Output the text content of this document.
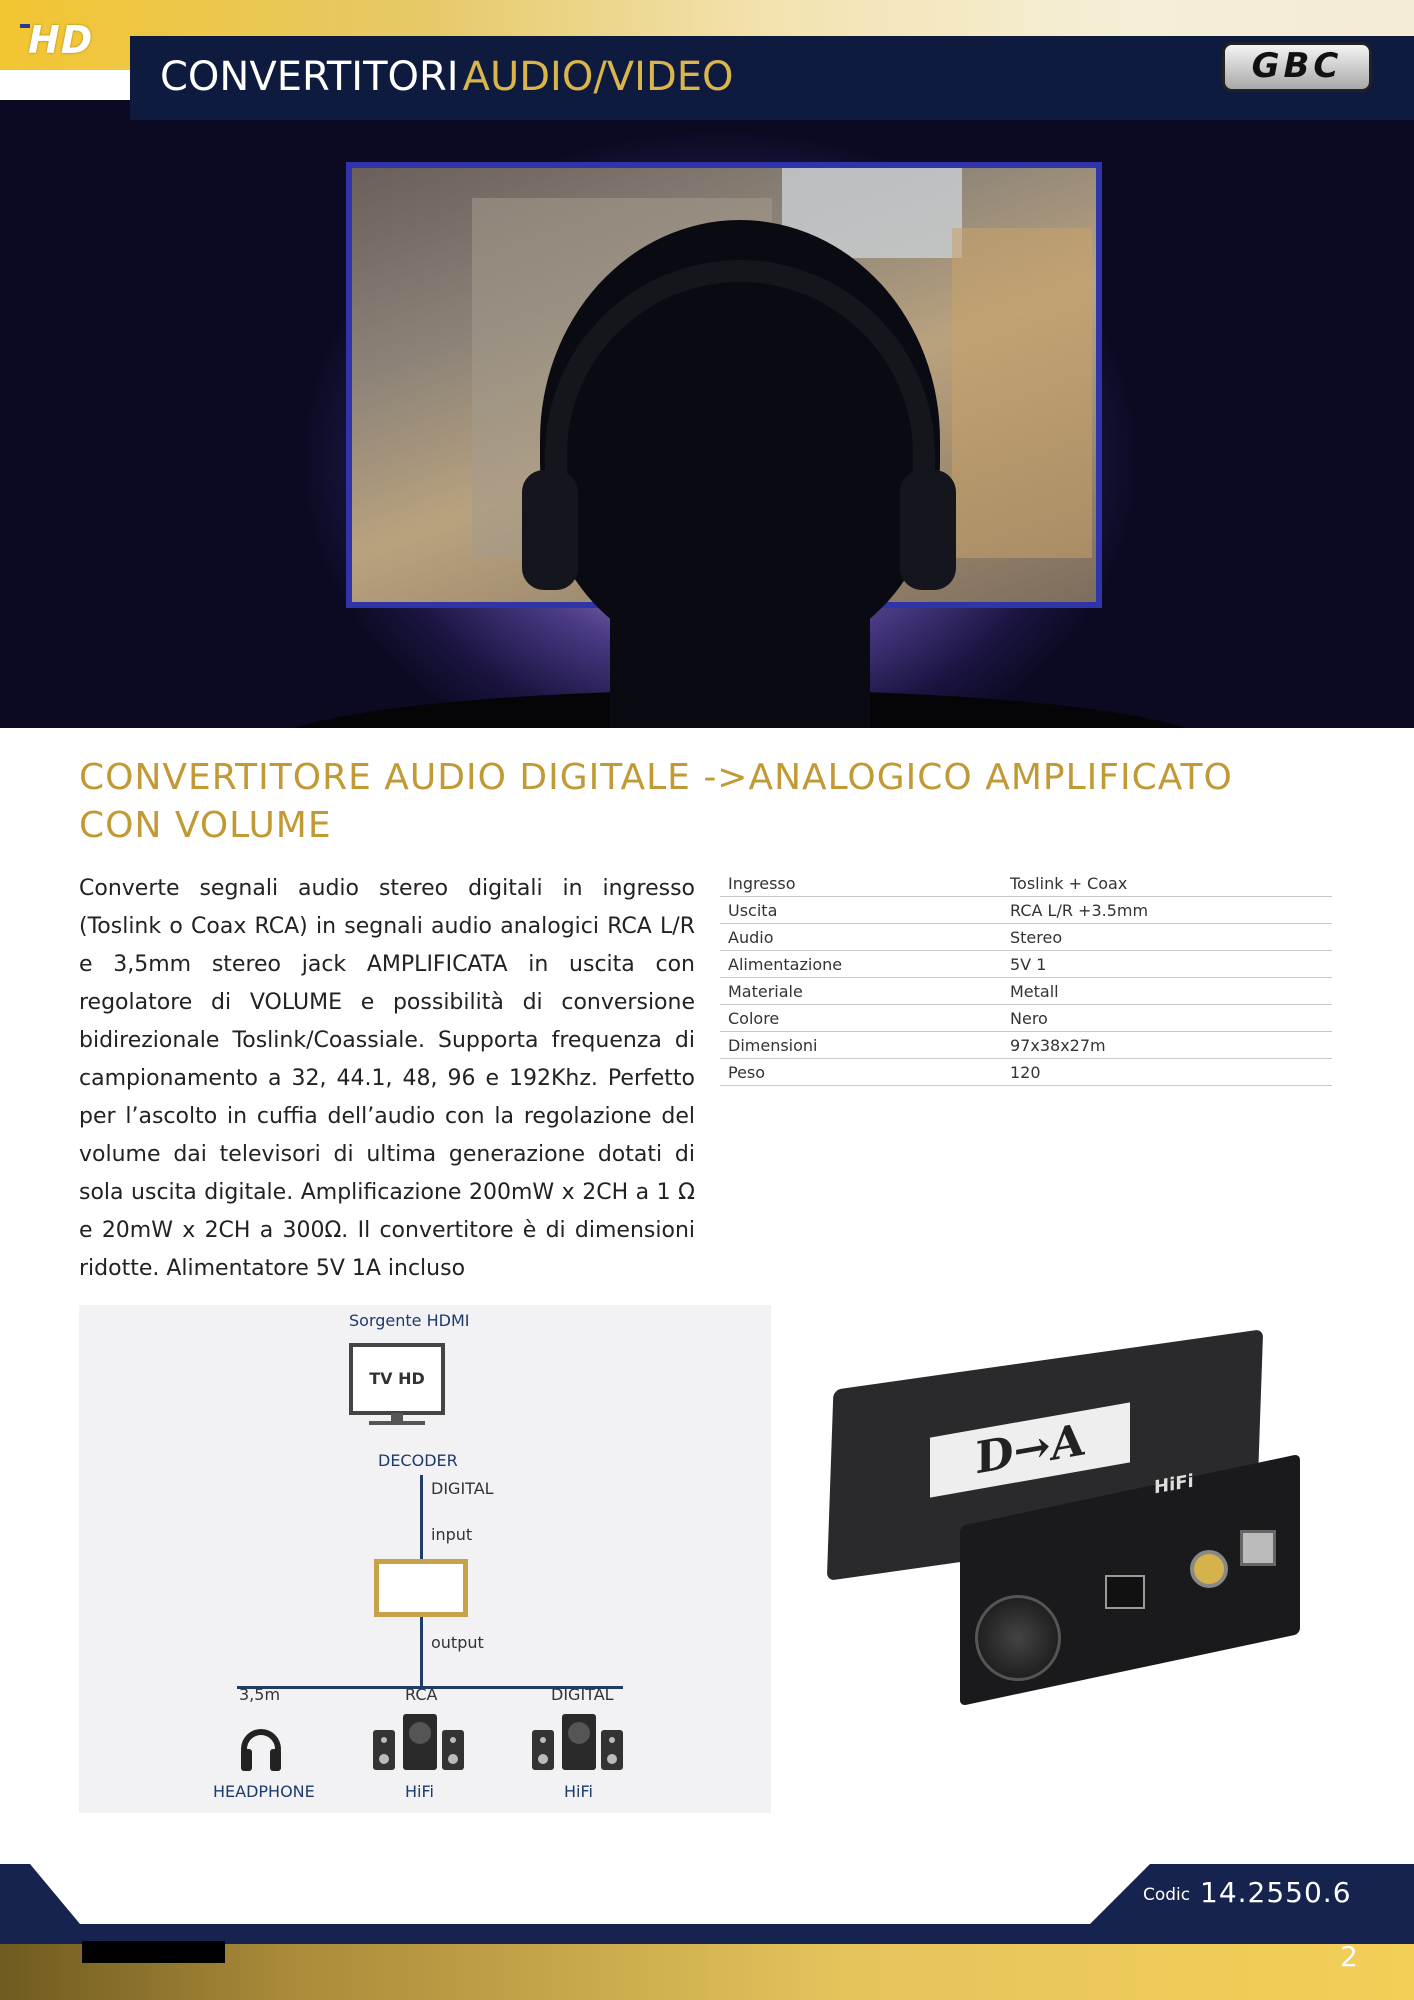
HD
CONVERTITORI AUDIO/VIDEO	GBC
CONVERTITORE AUDIO DIGITALE ->ANALOGICO AMPLIFICATO CON VOLUME
Converte segnali audio stereo digitali in ingresso (Toslink o Coax RCA) in segnali audio analogici RCA L/R e 3,5mm stereo jack AMPLIFICATA in uscita con regolatore di VOLUME e possibilità di conversione bidirezionale Toslink/Coassiale. Supporta frequenza di campionamento a 32, 44.1, 48, 96 e 192Khz. Perfetto per l’ascolto in cuffia dell’audio con la regolazione del volume dai televisori di ultima generazione dotati di sola uscita digitale. Amplificazione 200mW x 2CH a 1 Ω e 20mW x 2CH a 300Ω. Il convertitore è di dimensioni ridotte. Alimentatore 5V 1A incluso
Ingresso	Toslink + Coax
Uscita	RCA L/R +3.5mm
Audio	Stereo
Alimentazione	5V 1
Materiale	Metall
Colore	Nero
Dimensioni	97x38x27m
Peso	120
Sorgente HDMI
TV HD
DECODER
DIGITAL
input
output
3,5m	RCA	DIGITAL
HEADPHONE	HiFi	HiFi
D→A	HiFi
Codic 14.2550.6
2
